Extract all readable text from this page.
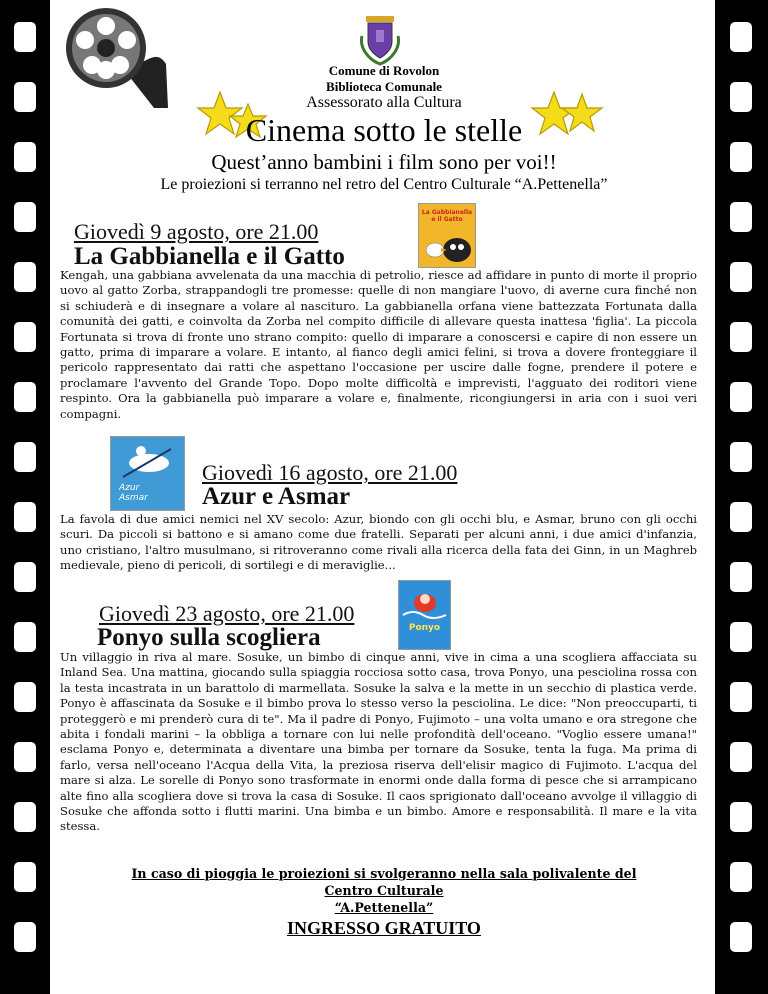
Comune di Rovolon
Biblioteca Comunale
Assessorato alla Cultura
Cinema sotto le stelle
Quest’anno bambini i film sono per voi!!
Le proiezioni si terranno nel retro del Centro Culturale “A.Pettenella”
Giovedì 9 agosto, ore 21.00
La Gabbianella e il Gatto
La Gabbianella e il Gatto
Kengah, una gabbiana avvelenata da una macchia di petrolio, riesce ad affidare in punto di morte il proprio uovo al gatto Zorba, strappandogli tre promesse: quelle di non mangiare l'uovo, di averne cura finché non si schiuderà e di insegnare a volare al nascituro. La gabbianella orfana viene battezzata Fortunata dalla comunità dei gatti, e coinvolta da Zorba nel compito difficile di allevare questa inattesa 'figlia'. La piccola Fortunata si trova di fronte uno strano compito: quello di imparare a conoscersi e capire di non essere un gatto, prima di imparare a volare. E intanto, al fianco degli amici felini, si trova a dovere fronteggiare il pericolo rappresentato dai ratti che aspettano l'occasione per uscire dalle fogne, prendere il potere e proclamare l'avvento del Grande Topo. Dopo molte difficoltà e imprevisti, l'agguato dei roditori viene respinto. Ora la gabbianella può imparare a volare e, finalmente, ricongiungersi in aria con i suoi veri compagni.
Azur Asmar
Giovedì 16 agosto, ore 21.00
Azur e Asmar
La favola di due amici nemici nel XV secolo: Azur, biondo con gli occhi blu, e Asmar, bruno con gli occhi scuri. Da piccoli si battono e si amano come due fratelli. Separati per alcuni anni, i due amici d'infanzia, uno cristiano, l'altro musulmano, si ritroveranno come rivali alla ricerca della fata dei Ginn, in un Maghreb medievale, pieno di pericoli, di sortilegi e di meraviglie...
Giovedì 23 agosto, ore 21.00
Ponyo sulla scogliera	Ponyo
Un villaggio in riva al mare. Sosuke, un bimbo di cinque anni, vive in cima a una scogliera affacciata su Inland Sea. Una mattina, giocando sulla spiaggia rocciosa sotto casa, trova Ponyo, una pesciolina rossa con la testa incastrata in un barattolo di marmellata. Sosuke la salva e la mette in un secchio di plastica verde. Ponyo è affascinata da Sosuke e il bimbo prova lo stesso verso la pesciolina. Le dice: "Non preoccuparti, ti proteggerò e mi prenderò cura di te". Ma il padre di Ponyo, Fujimoto – una volta umano e ora stregone che abita i fondali marini – la obbliga a tornare con lui nelle profondità dell'oceano. "Voglio essere umana!" esclama Ponyo e, determinata a diventare una bimba per tornare da Sosuke, tenta la fuga. Ma prima di farlo, versa nell'oceano l'Acqua della Vita, la preziosa riserva dell'elisir magico di Fujimoto. L'acqua del mare si alza. Le sorelle di Ponyo sono trasformate in enormi onde dalla forma di pesce che si arrampicano alte fino alla scogliera dove si trova la casa di Sosuke. Il caos sprigionato dall'oceano avvolge il villaggio di Sosuke che affonda sotto i flutti marini. Una bimba e un bimbo. Amore e responsabilità. Il mare e la vita stessa.
In caso di pioggia le proiezioni si svolgeranno nella sala polivalente del
Centro Culturale
“A.Pettenella”
INGRESSO GRATUITO
